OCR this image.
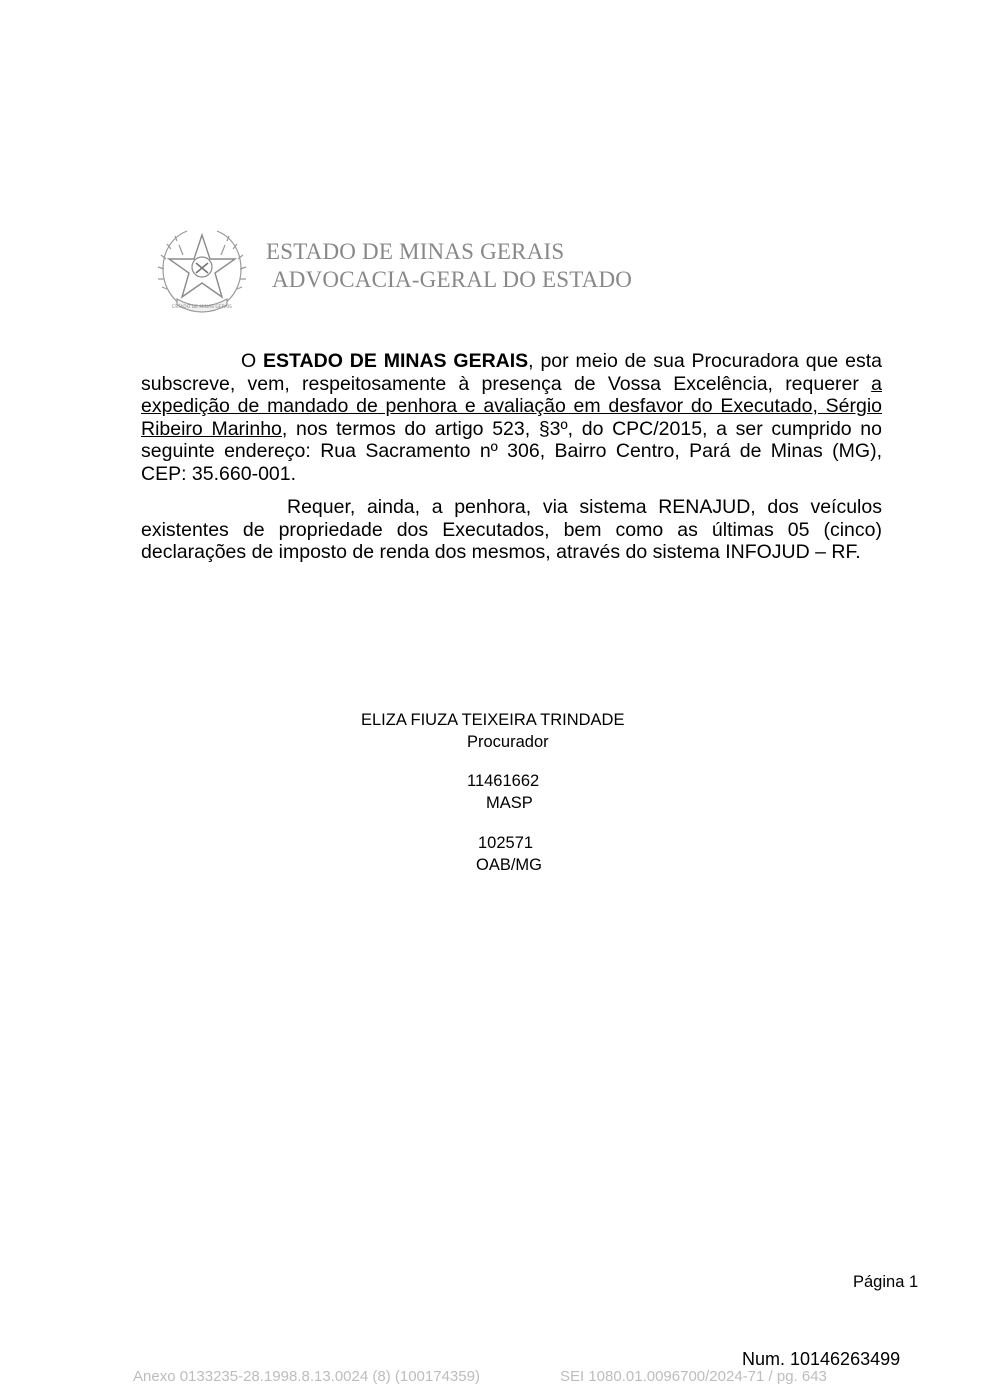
ESTADO DE MINAS GERAIS
ESTADO DE MINAS GERAIS
ADVOCACIA-GERAL DO ESTADO
O ESTADO DE MINAS GERAIS, por meio de sua Procuradora que esta subscreve, vem, respeitosamente à presença de Vossa Excelência, requerer a expedição de mandado de penhora e avaliação em desfavor do Executado, Sérgio Ribeiro Marinho, nos termos do artigo 523, §3º, do CPC/2015, a ser cumprido no seguinte endereço: Rua Sacramento nº 306, Bairro Centro, Pará de Minas (MG), CEP: 35.660-001.
Requer, ainda, a penhora, via sistema RENAJUD, dos veículos existentes de propriedade dos Executados, bem como as últimas 05 (cinco) declarações de imposto de renda dos mesmos, através do sistema INFOJUD – RF.
ELIZA FIUZA TEIXEIRA TRINDADE
Procurador
11461662
MASP
102571
OAB/MG
Página 1
Num. 10146263499
Anexo 0133235-28.1998.8.13.0024 (8) (100174359)	SEI 1080.01.0096700/2024-71 / pg. 643
